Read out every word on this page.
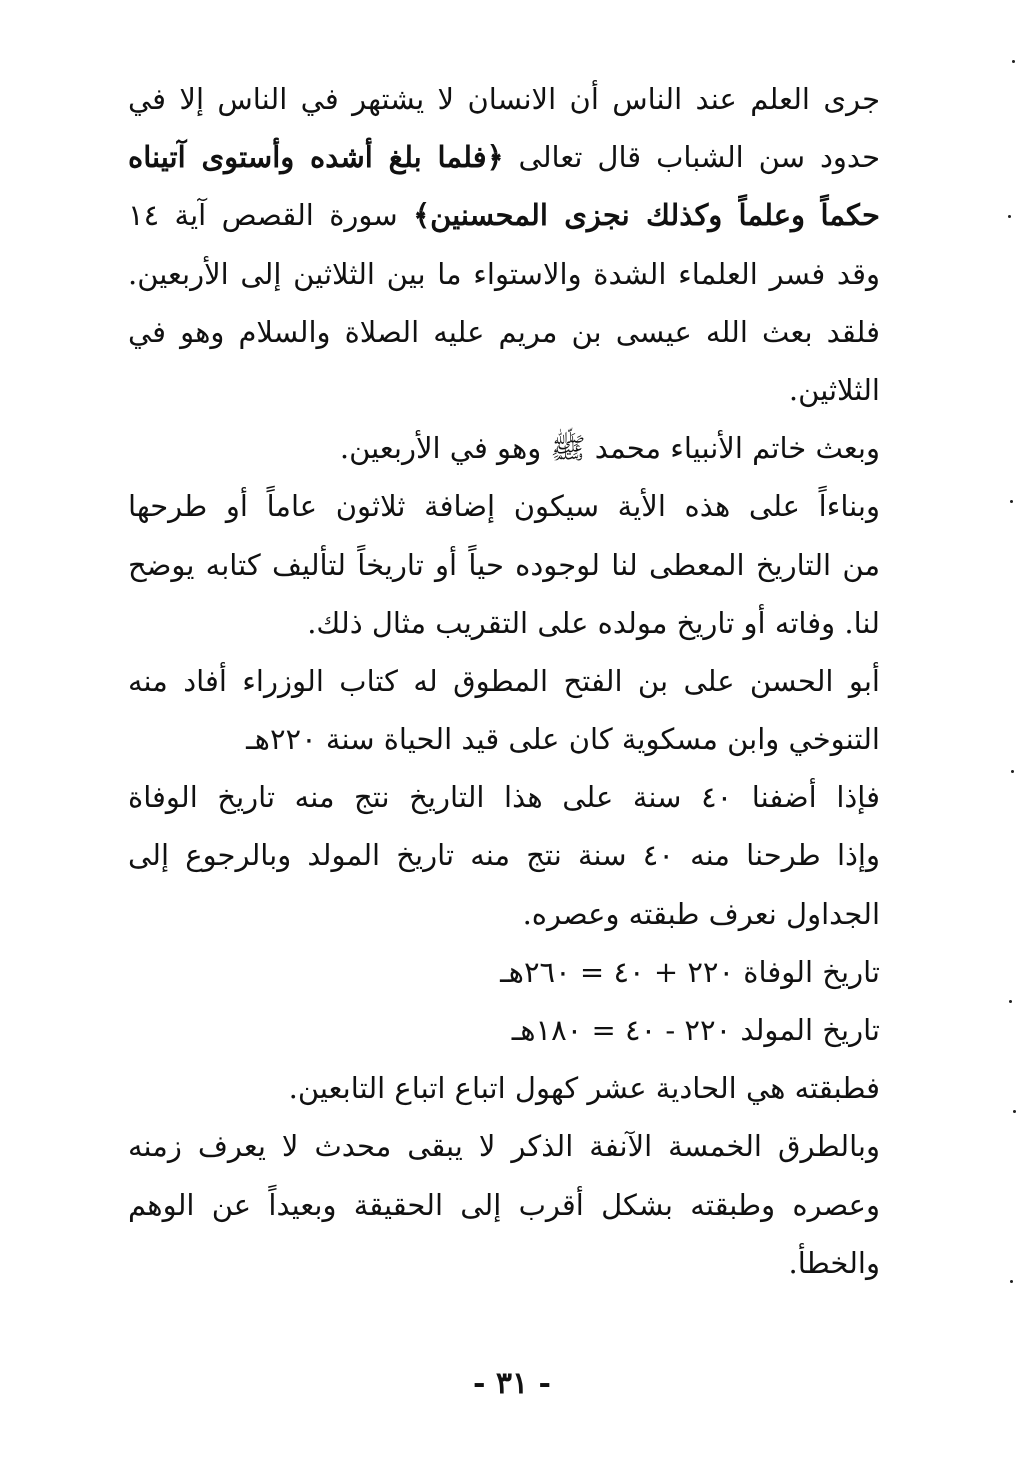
جرى العلم عند الناس أن الانسان لا يشتهر في الناس إلا في
حدود سن الشباب قال تعالى ﴿فلما بلغ أشده وأستوى آتيناه
حكماً وعلماً وكذلك نجزى المحسنين﴾ سورة القصص آية ١٤
وقد فسر العلماء الشدة والاستواء ما بين الثلاثين إلى الأربعين.
فلقد بعث الله عيسى بن مريم عليه الصلاة والسلام وهو في
الثلاثين.
وبعث خاتم الأنبياء محمد ﷺ وهو في الأربعين.
وبناءاً على هذه الأية سيكون إضافة ثلاثون عاماً أو طرحها
من التاريخ المعطى لنا لوجوده حياً أو تاريخاً لتأليف كتابه يوضح
لنا. وفاته أو تاريخ مولده على التقريب مثال ذلك.
أبو الحسن على بن الفتح المطوق له كتاب الوزراء أفاد منه
التنوخي وابن مسكوية كان على قيد الحياة سنة ٢٢٠هـ
فإذا أضفنا ٤٠ سنة على هذا التاريخ نتج منه تاريخ الوفاة
وإذا طرحنا منه ٤٠ سنة نتج منه تاريخ المولد وبالرجوع إلى
الجداول نعرف طبقته وعصره.
تاريخ الوفاة ٢٢٠ + ٤٠ = ٢٦٠هـ
تاريخ المولد ٢٢٠ - ٤٠ = ١٨٠هـ
فطبقته هي الحادية عشر كهول اتباع اتباع التابعين.
وبالطرق الخمسة الآنفة الذكر لا يبقى محدث لا يعرف زمنه
وعصره وطبقته بشكل أقرب إلى الحقيقة وبعيداً عن الوهم
والخطأ.
- ٣١ -
